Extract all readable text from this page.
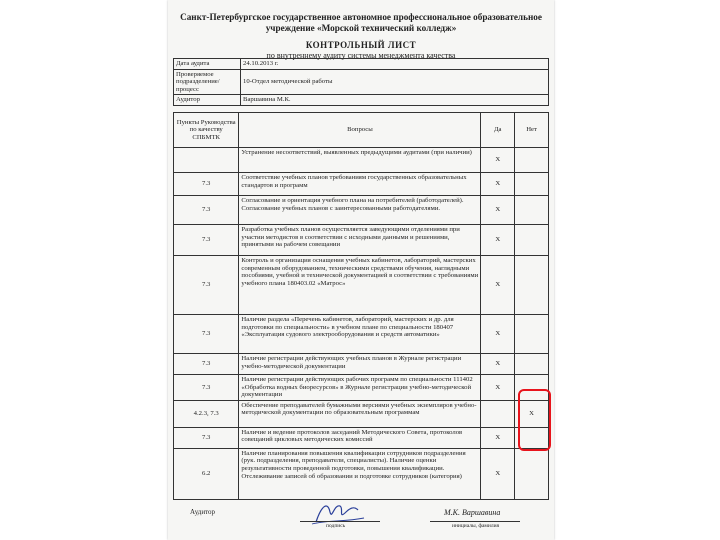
Санкт-Петербургское государственное автономное профессиональное образовательное
учреждение «Морской технический колледж»
КОНТРОЛЬНЫЙ ЛИСТ
по внутреннему аудиту системы менеджмента качества
Дата аудита	24.10.2013 г.
Проверяемое подразделение/ процесс	10-Отдел методической работы
Аудитор	Варшавина М.К.
Пункты Руководства по качеству СПБМТК	Вопросы	Да	Нет
	Устранение несоответствий, выявленных предыдущими аудитами (при наличии)	X	
7.3	Соответствие учебных планов требованиям государственных образовательных стандартов и программ	X	
7.3	Согласование и ориентация учебного плана на потребителей (работодателей). Согласование учебных планов с заинтересованными работодателями.	X	
7.3	Разработка учебных планов осуществляется заведующими отделениями при участии методистов в соответствии с исходными данными и решениями, принятыми на рабочем совещании	X	
7.3	Контроль и организация оснащения учебных кабинетов, лабораторий, мастерских современным оборудованием, техническими средствами обучения, наглядными пособиями, учебной и технической документацией в соответствии с требованиями учебного плана 180403.02 «Матрос»	X	
7.3	Наличие раздела «Перечень кабинетов, лабораторий, мастерских и др. для подготовки по специальности» в учебном плане по специальности 180407 «Эксплуатация судового электрооборудования и средств автоматики»	X	
7.3	Наличие регистрации действующих учебных планов в Журнале регистрации учебно-методической документации	X	
7.3	Наличие регистрации действующих рабочих программ по специальности 111402 «Обработка водных биоресурсов» в Журнале регистрации учебно-методической документации	X	
4.2.3, 7.3	Обеспечение преподавателей бумажными версиями учебных экземпляров учебно-методической документации по образовательным программам		X
7.3	Наличие и ведение протоколов заседаний Методического Совета, протоколов совещаний цикловых методических комиссий	X	
6.2	Наличие планирования повышения квалификации сотрудников подразделения (рук. подразделения, преподаватели, специалисты). Наличие оценки результативности проведенной подготовки, повышения квалификации. Отслеживание записей об образовании и подготовке сотрудников (категория)	X	
Аудитор
подпись
М.К. Варшавина
инициалы, фамилия
